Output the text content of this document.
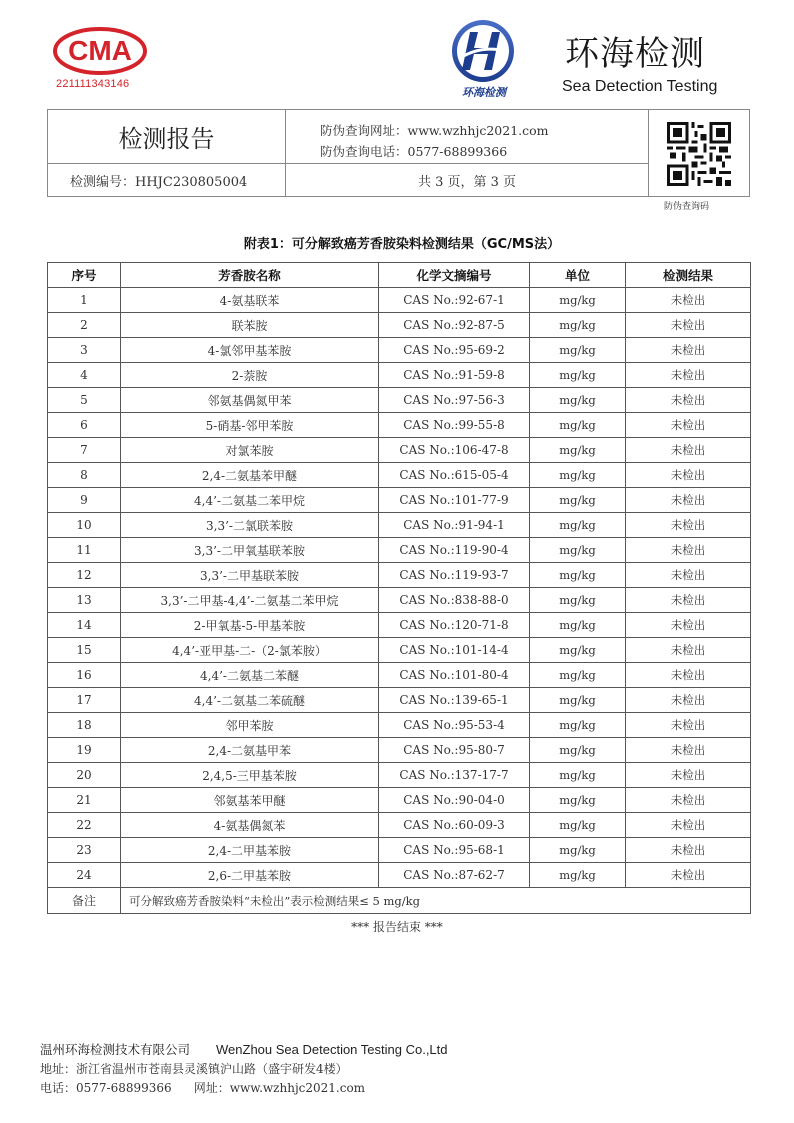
CMA
221111343146
环海检测
环海检测
Sea Detection Testing
检测报告
检测编号：HHJC230805004
防伪查询网址：www.wzhhjc2021.com
防伪查询电话：0577-68899366
共 3 页，第 3 页
防伪查询码
附表1：可分解致癌芳香胺染料检测结果（GC/MS法）
序号	芳香胺名称	化学文摘编号	单位	检测结果
1	4-氨基联苯	CAS No.:92-67-1	mg/kg	未检出
2	联苯胺	CAS No.:92-87-5	mg/kg	未检出
3	4-氯邻甲基苯胺	CAS No.:95-69-2	mg/kg	未检出
4	2-萘胺	CAS No.:91-59-8	mg/kg	未检出
5	邻氨基偶氮甲苯	CAS No.:97-56-3	mg/kg	未检出
6	5-硝基-邻甲苯胺	CAS No.:99-55-8	mg/kg	未检出
7	对氯苯胺	CAS No.:106-47-8	mg/kg	未检出
8	2,4-二氨基苯甲醚	CAS No.:615-05-4	mg/kg	未检出
9	4,4’-二氨基二苯甲烷	CAS No.:101-77-9	mg/kg	未检出
10	3,3’-二氯联苯胺	CAS No.:91-94-1	mg/kg	未检出
11	3,3’-二甲氧基联苯胺	CAS No.:119-90-4	mg/kg	未检出
12	3,3’-二甲基联苯胺	CAS No.:119-93-7	mg/kg	未检出
13	3,3’-二甲基-4,4’-二氨基二苯甲烷	CAS No.:838-88-0	mg/kg	未检出
14	2-甲氧基-5-甲基苯胺	CAS No.:120-71-8	mg/kg	未检出
15	4,4’-亚甲基-二-（2-氯苯胺）	CAS No.:101-14-4	mg/kg	未检出
16	4,4’-二氨基二苯醚	CAS No.:101-80-4	mg/kg	未检出
17	4,4’-二氨基二苯硫醚	CAS No.:139-65-1	mg/kg	未检出
18	邻甲苯胺	CAS No.:95-53-4	mg/kg	未检出
19	2,4-二氨基甲苯	CAS No.:95-80-7	mg/kg	未检出
20	2,4,5-三甲基苯胺	CAS No.:137-17-7	mg/kg	未检出
21	邻氨基苯甲醚	CAS No.:90-04-0	mg/kg	未检出
22	4-氨基偶氮苯	CAS No.:60-09-3	mg/kg	未检出
23	2,4-二甲基苯胺	CAS No.:95-68-1	mg/kg	未检出
24	2,6-二甲基苯胺	CAS No.:87-62-7	mg/kg	未检出
备注	可分解致癌芳香胺染料“未检出”表示检测结果≤ 5 mg/kg			
*** 报告结束 ***
温州环海检测技术有限公司 WenZhou Sea Detection Testing Co.,Ltd
地址：浙江省温州市苍南县灵溪镇沪山路（盛宇研发4楼）
电话：0577-68899366 网址：www.wzhhjc2021.com
